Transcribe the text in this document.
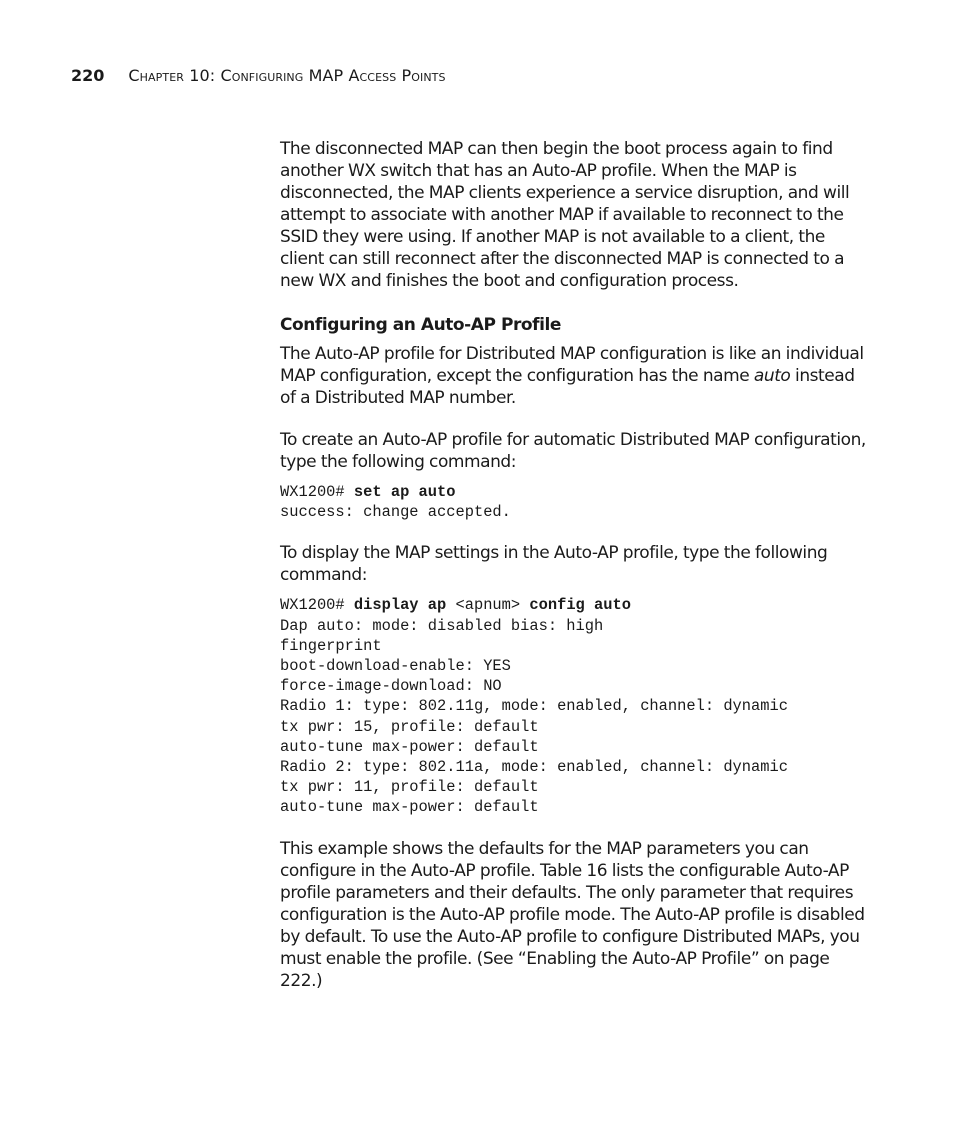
220 Chapter 10: Configuring MAP Access Points

The disconnected MAP can then begin the boot process again to find another WX switch that has an Auto-AP profile. When the MAP is disconnected, the MAP clients experience a service disruption, and will attempt to associate with another MAP if available to reconnect to the SSID they were using. If another MAP is not available to a client, the client can still reconnect after the disconnected MAP is connected to a new WX and finishes the boot and configuration process.

Configuring an Auto-AP Profile

The Auto-AP profile for Distributed MAP configuration is like an individual MAP configuration, except the configuration has the name auto instead of a Distributed MAP number.

To create an Auto-AP profile for automatic Distributed MAP configuration, type the following command:

WX1200# set ap auto
success: change accepted.

To display the MAP settings in the Auto-AP profile, type the following command:

WX1200# display ap <apnum> config auto
Dap auto: mode: disabled bias: high
fingerprint
boot-download-enable: YES
force-image-download: NO
Radio 1: type: 802.11g, mode: enabled, channel: dynamic
tx pwr: 15, profile: default
auto-tune max-power: default
Radio 2: type: 802.11a, mode: enabled, channel: dynamic
tx pwr: 11, profile: default
auto-tune max-power: default

This example shows the defaults for the MAP parameters you can configure in the Auto-AP profile. Table 16 lists the configurable Auto-AP profile parameters and their defaults. The only parameter that requires configuration is the Auto-AP profile mode. The Auto-AP profile is disabled by default. To use the Auto-AP profile to configure Distributed MAPs, you must enable the profile. (See “Enabling the Auto-AP Profile” on page 222.)
